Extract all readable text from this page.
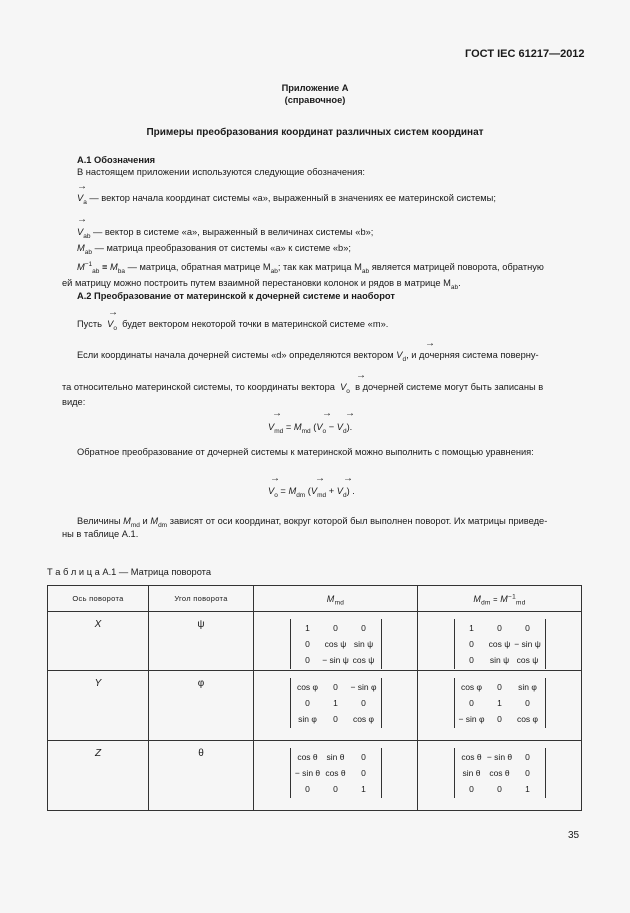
ГОСТ IEC 61217—2012
Приложение А
(справочное)
Примеры преобразования координат различных систем координат
А.1 Обозначения
В настоящем приложении используются следующие обозначения:
→
$V_a$ — вектор начала координат системы «а», выраженный в значениях ее материнской системы;
→
$V_{ab}$ — вектор в системе «а», выраженный в величинах системы «b»;
$M_{ab}$ — матрица преобразования от системы «а» к системе «b»;
$M^{-1}_{ab} \equiv M_{ba}$ — матрица, обратная матрице $M_{ab}$; так как матрица $M_{ab}$ является матрицей поворота, обратную
ей матрицу можно построить путем взаимной перестановки колонок и рядов в матрице $M_{ab}$.
А.2 Преобразование от материнской к дочерней системе и наоборот
→
Пусть $V_o$ будет вектором некоторой точки в материнской системе «m».
→
Если координаты начала дочерней системы «d» определяются вектором $V_d$, и дочерняя система поверну-
→
та относительно материнской системы, то координаты вектора $V_o$ в дочерней системе могут быть записаны в
виде:
→	→ →
$V_{md} = M_{md}$ $(V_o - V_d)$.
Обратное преобразование от дочерней системы к материнской можно выполнить с помощью уравнения:
→	→ →
$V_o = M_{dm}$ $(V_{md} + V_d)$ .
Величины $M_{md}$ и $M_{dm}$ зависят от оси координат, вокруг которой был выполнен поворот. Их матрицы приведе-
ны в таблице А.1.
Т а б л и ц а А.1 — Матрица поворота
Ось поворота	Угол поворота	$M_{md}$	$M_{dm} = M^{-1}_{md}$

X	ψ	1 0 0
0 cos ψ sin ψ
0 − sin ψ cos ψ	1 0 0
0 cos ψ − sin ψ
0 sin ψ cos ψ

Y	φ	cos φ 0 − sin φ
0 1 0
sin φ 0 cos φ	cos φ 0 sin φ
0 1 0
− sin φ 0 cos φ

Z	θ	cos θ sin θ 0
− sin θ cos θ 0
0 0 1	cos θ − sin θ 0
sin θ cos θ 0
0 0 1
35
